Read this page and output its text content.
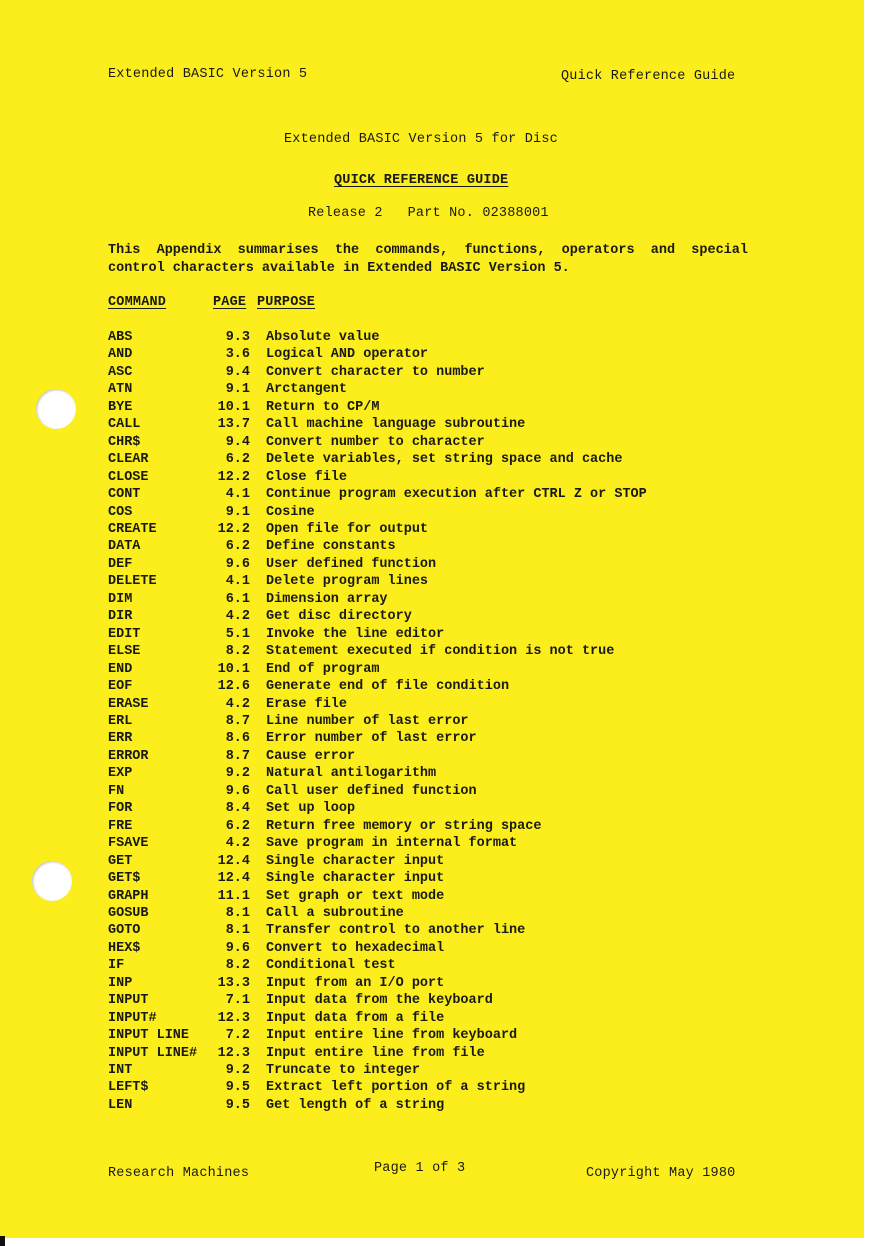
Extended BASIC Version 5	Quick Reference Guide
Extended BASIC Version 5 for Disc
QUICK REFERENCE GUIDE
Release 2   Part No. 02388001
This Appendix summarises the commands, functions, operators and special
control characters available in Extended BASIC Version 5.
COMMAND	PAGE PURPOSE
ABS	9.3	Absolute value
AND	3.6	Logical AND operator
ASC	9.4	Convert character to number
ATN	9.1	Arctangent
BYE	10.1	Return to CP/M
CALL	13.7	Call machine language subroutine
CHR$	9.4	Convert number to character
CLEAR	6.2	Delete variables, set string space and cache
CLOSE	12.2	Close file
CONT	4.1	Continue program execution after CTRL Z or STOP
COS	9.1	Cosine
CREATE	12.2	Open file for output
DATA	6.2	Define constants
DEF	9.6	User defined function
DELETE	4.1	Delete program lines
DIM	6.1	Dimension array
DIR	4.2	Get disc directory
EDIT	5.1	Invoke the line editor
ELSE	8.2	Statement executed if condition is not true
END	10.1	End of program
EOF	12.6	Generate end of file condition
ERASE	4.2	Erase file
ERL	8.7	Line number of last error
ERR	8.6	Error number of last error
ERROR	8.7	Cause error
EXP	9.2	Natural antilogarithm
FN	9.6	Call user defined function
FOR	8.4	Set up loop
FRE	6.2	Return free memory or string space
FSAVE	4.2	Save program in internal format
GET	12.4	Single character input
GET$	12.4	Single character input
GRAPH	11.1	Set graph or text mode
GOSUB	8.1	Call a subroutine
GOTO	8.1	Transfer control to another line
HEX$	9.6	Convert to hexadecimal
IF	8.2	Conditional test
INP	13.3	Input from an I/O port
INPUT	7.1	Input data from the keyboard
INPUT#	12.3	Input data from a file
INPUT LINE	7.2	Input entire line from keyboard
INPUT LINE#	12.3	Input entire line from file
INT	9.2	Truncate to integer
LEFT$	9.5	Extract left portion of a string
LEN	9.5	Get length of a string
Research Machines	Page 1 of 3	Copyright May 1980
